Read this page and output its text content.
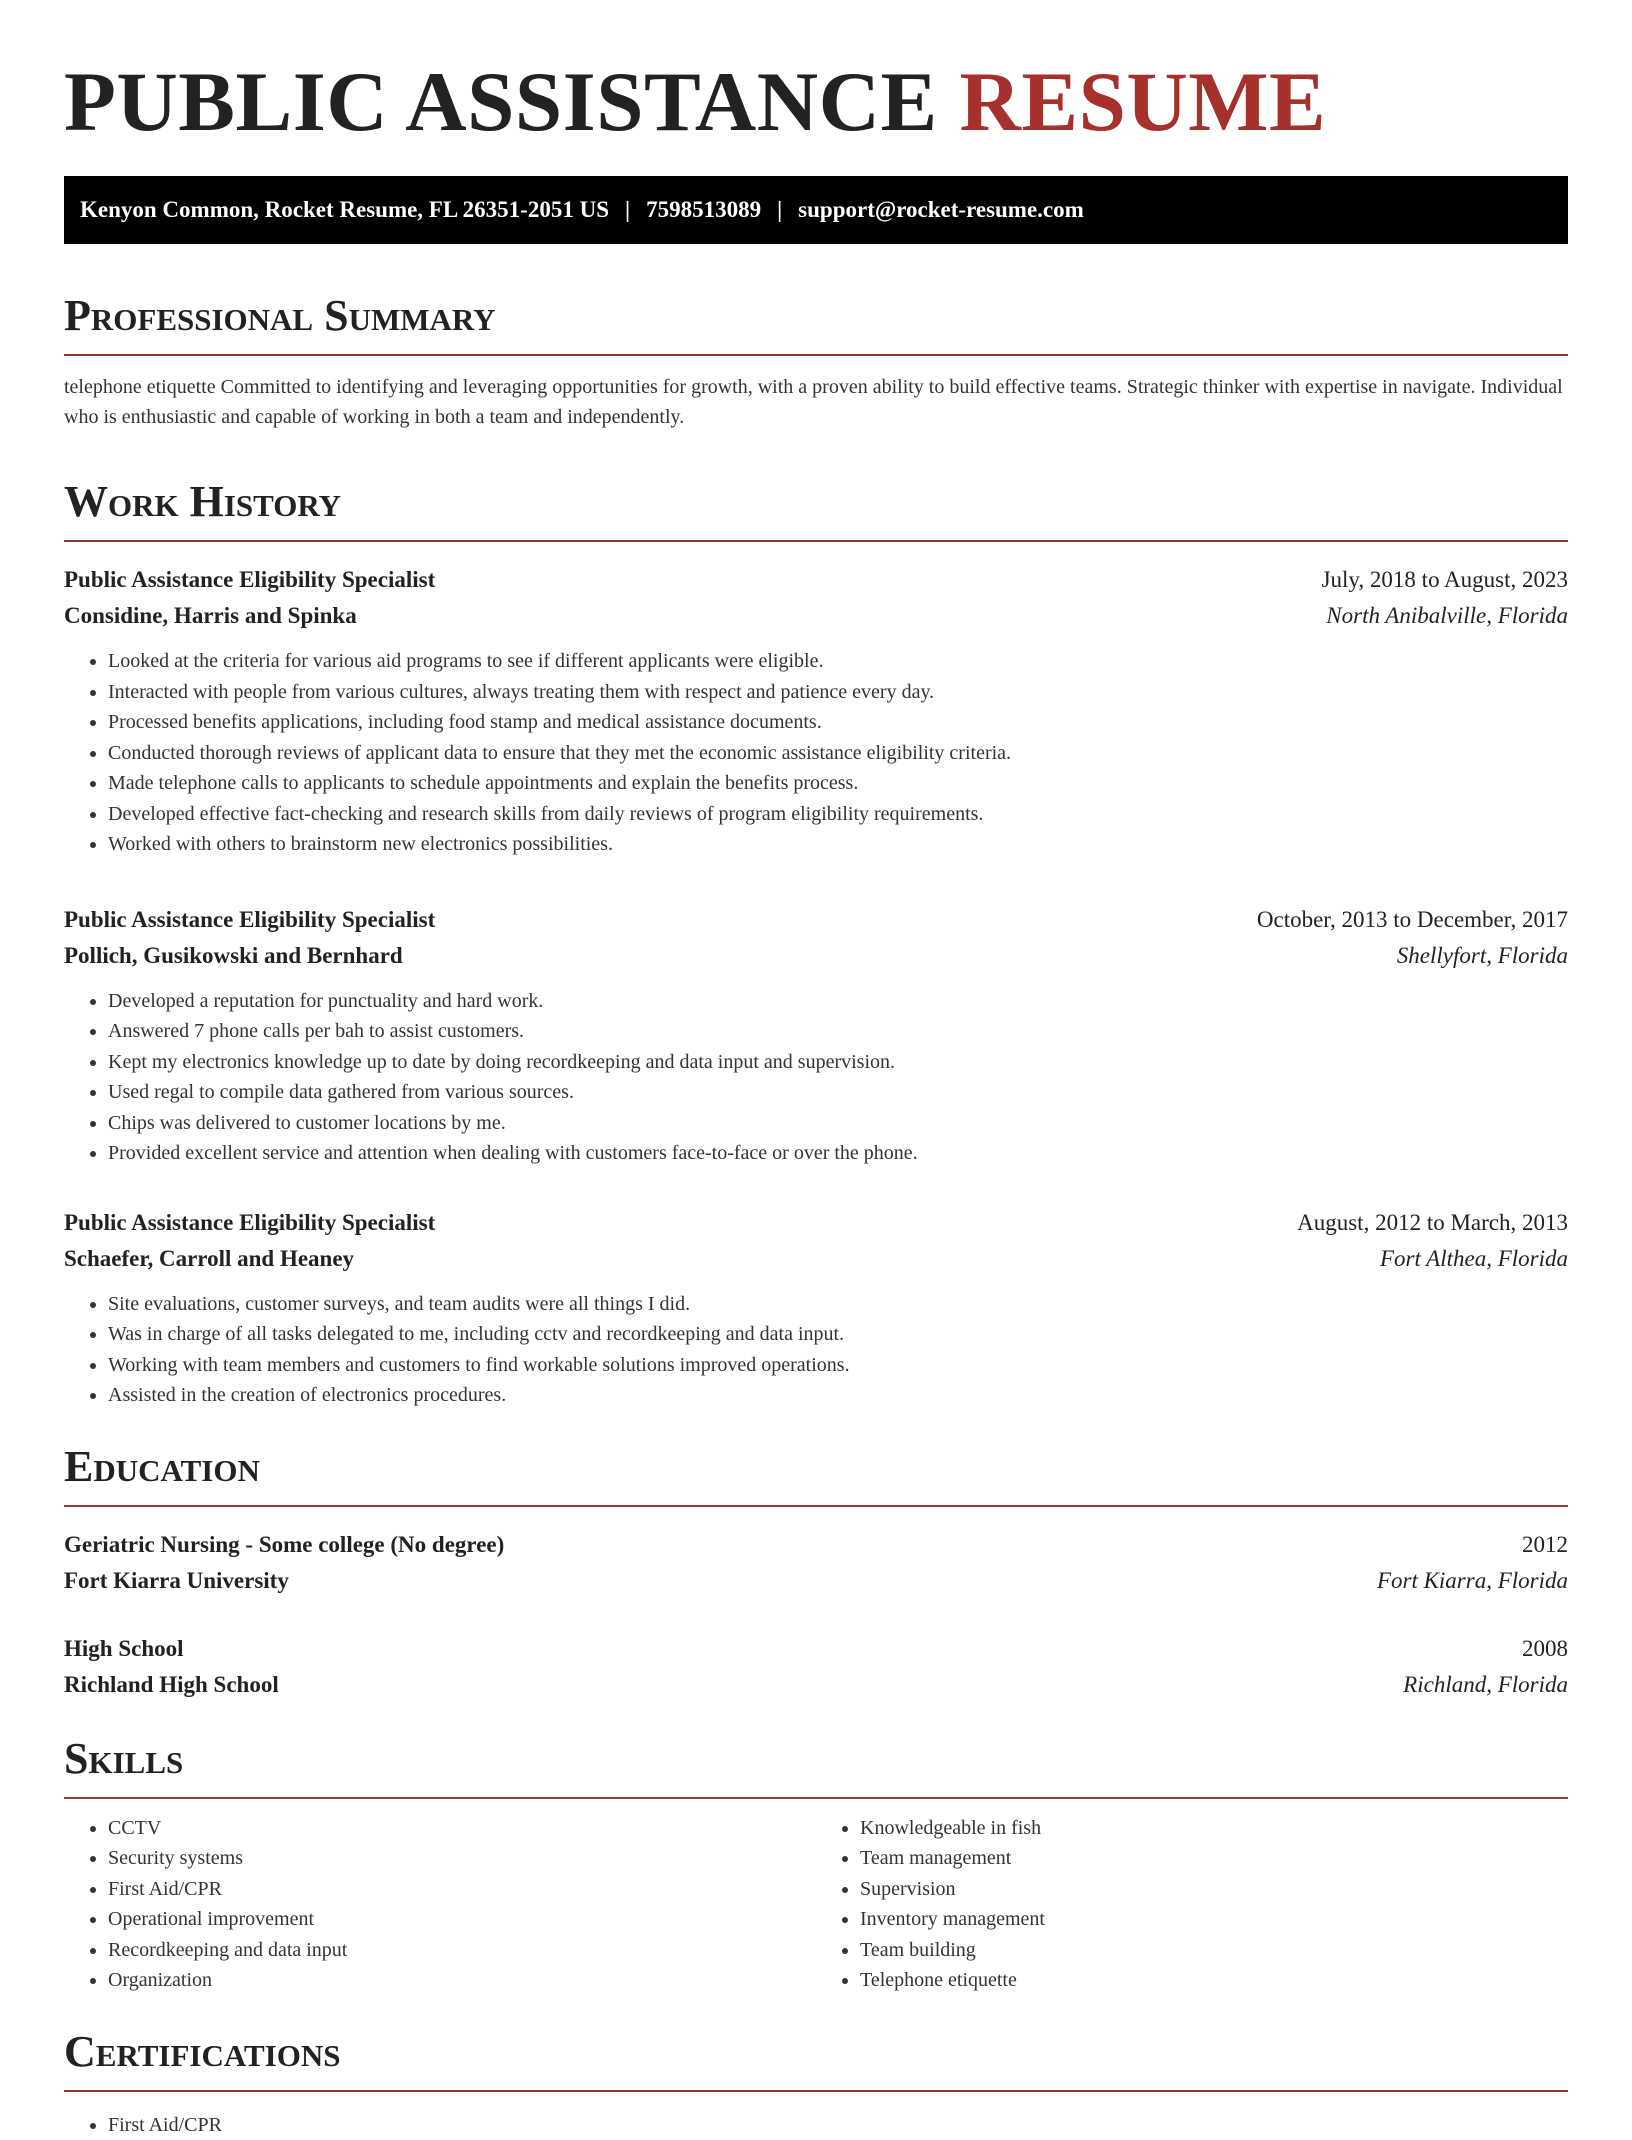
PUBLIC ASSISTANCE RESUME
Kenyon Common, Rocket Resume, FL 26351-2051 US | 7598513089 | support@rocket-resume.com
Professional Summary
telephone etiquette Committed to identifying and leveraging opportunities for growth, with a proven ability to build effective teams. Strategic thinker with expertise in navigate. Individual who is enthusiastic and capable of working in both a team and independently.
Work History
Public Assistance Eligibility Specialist	July, 2018 to August, 2023
Considine, Harris and Spinka	North Anibalville, Florida
• Looked at the criteria for various aid programs to see if different applicants were eligible.
• Interacted with people from various cultures, always treating them with respect and patience every day.
• Processed benefits applications, including food stamp and medical assistance documents.
• Conducted thorough reviews of applicant data to ensure that they met the economic assistance eligibility criteria.
• Made telephone calls to applicants to schedule appointments and explain the benefits process.
• Developed effective fact-checking and research skills from daily reviews of program eligibility requirements.
• Worked with others to brainstorm new electronics possibilities.
Public Assistance Eligibility Specialist	October, 2013 to December, 2017
Pollich, Gusikowski and Bernhard	Shellyfort, Florida
• Developed a reputation for punctuality and hard work.
• Answered 7 phone calls per bah to assist customers.
• Kept my electronics knowledge up to date by doing recordkeeping and data input and supervision.
• Used regal to compile data gathered from various sources.
• Chips was delivered to customer locations by me.
• Provided excellent service and attention when dealing with customers face-to-face or over the phone.
Public Assistance Eligibility Specialist	August, 2012 to March, 2013
Schaefer, Carroll and Heaney	Fort Althea, Florida
• Site evaluations, customer surveys, and team audits were all things I did.
• Was in charge of all tasks delegated to me, including cctv and recordkeeping and data input.
• Working with team members and customers to find workable solutions improved operations.
• Assisted in the creation of electronics procedures.
Education
Geriatric Nursing - Some college (No degree)	2012
Fort Kiarra University	Fort Kiarra, Florida
High School	2008
Richland High School	Richland, Florida
Skills
• CCTV
• Security systems
• First Aid/CPR
• Operational improvement
• Recordkeeping and data input
• Organization
• Knowledgeable in fish
• Team management
• Supervision
• Inventory management
• Team building
• Telephone etiquette
Certifications
• First Aid/CPR
